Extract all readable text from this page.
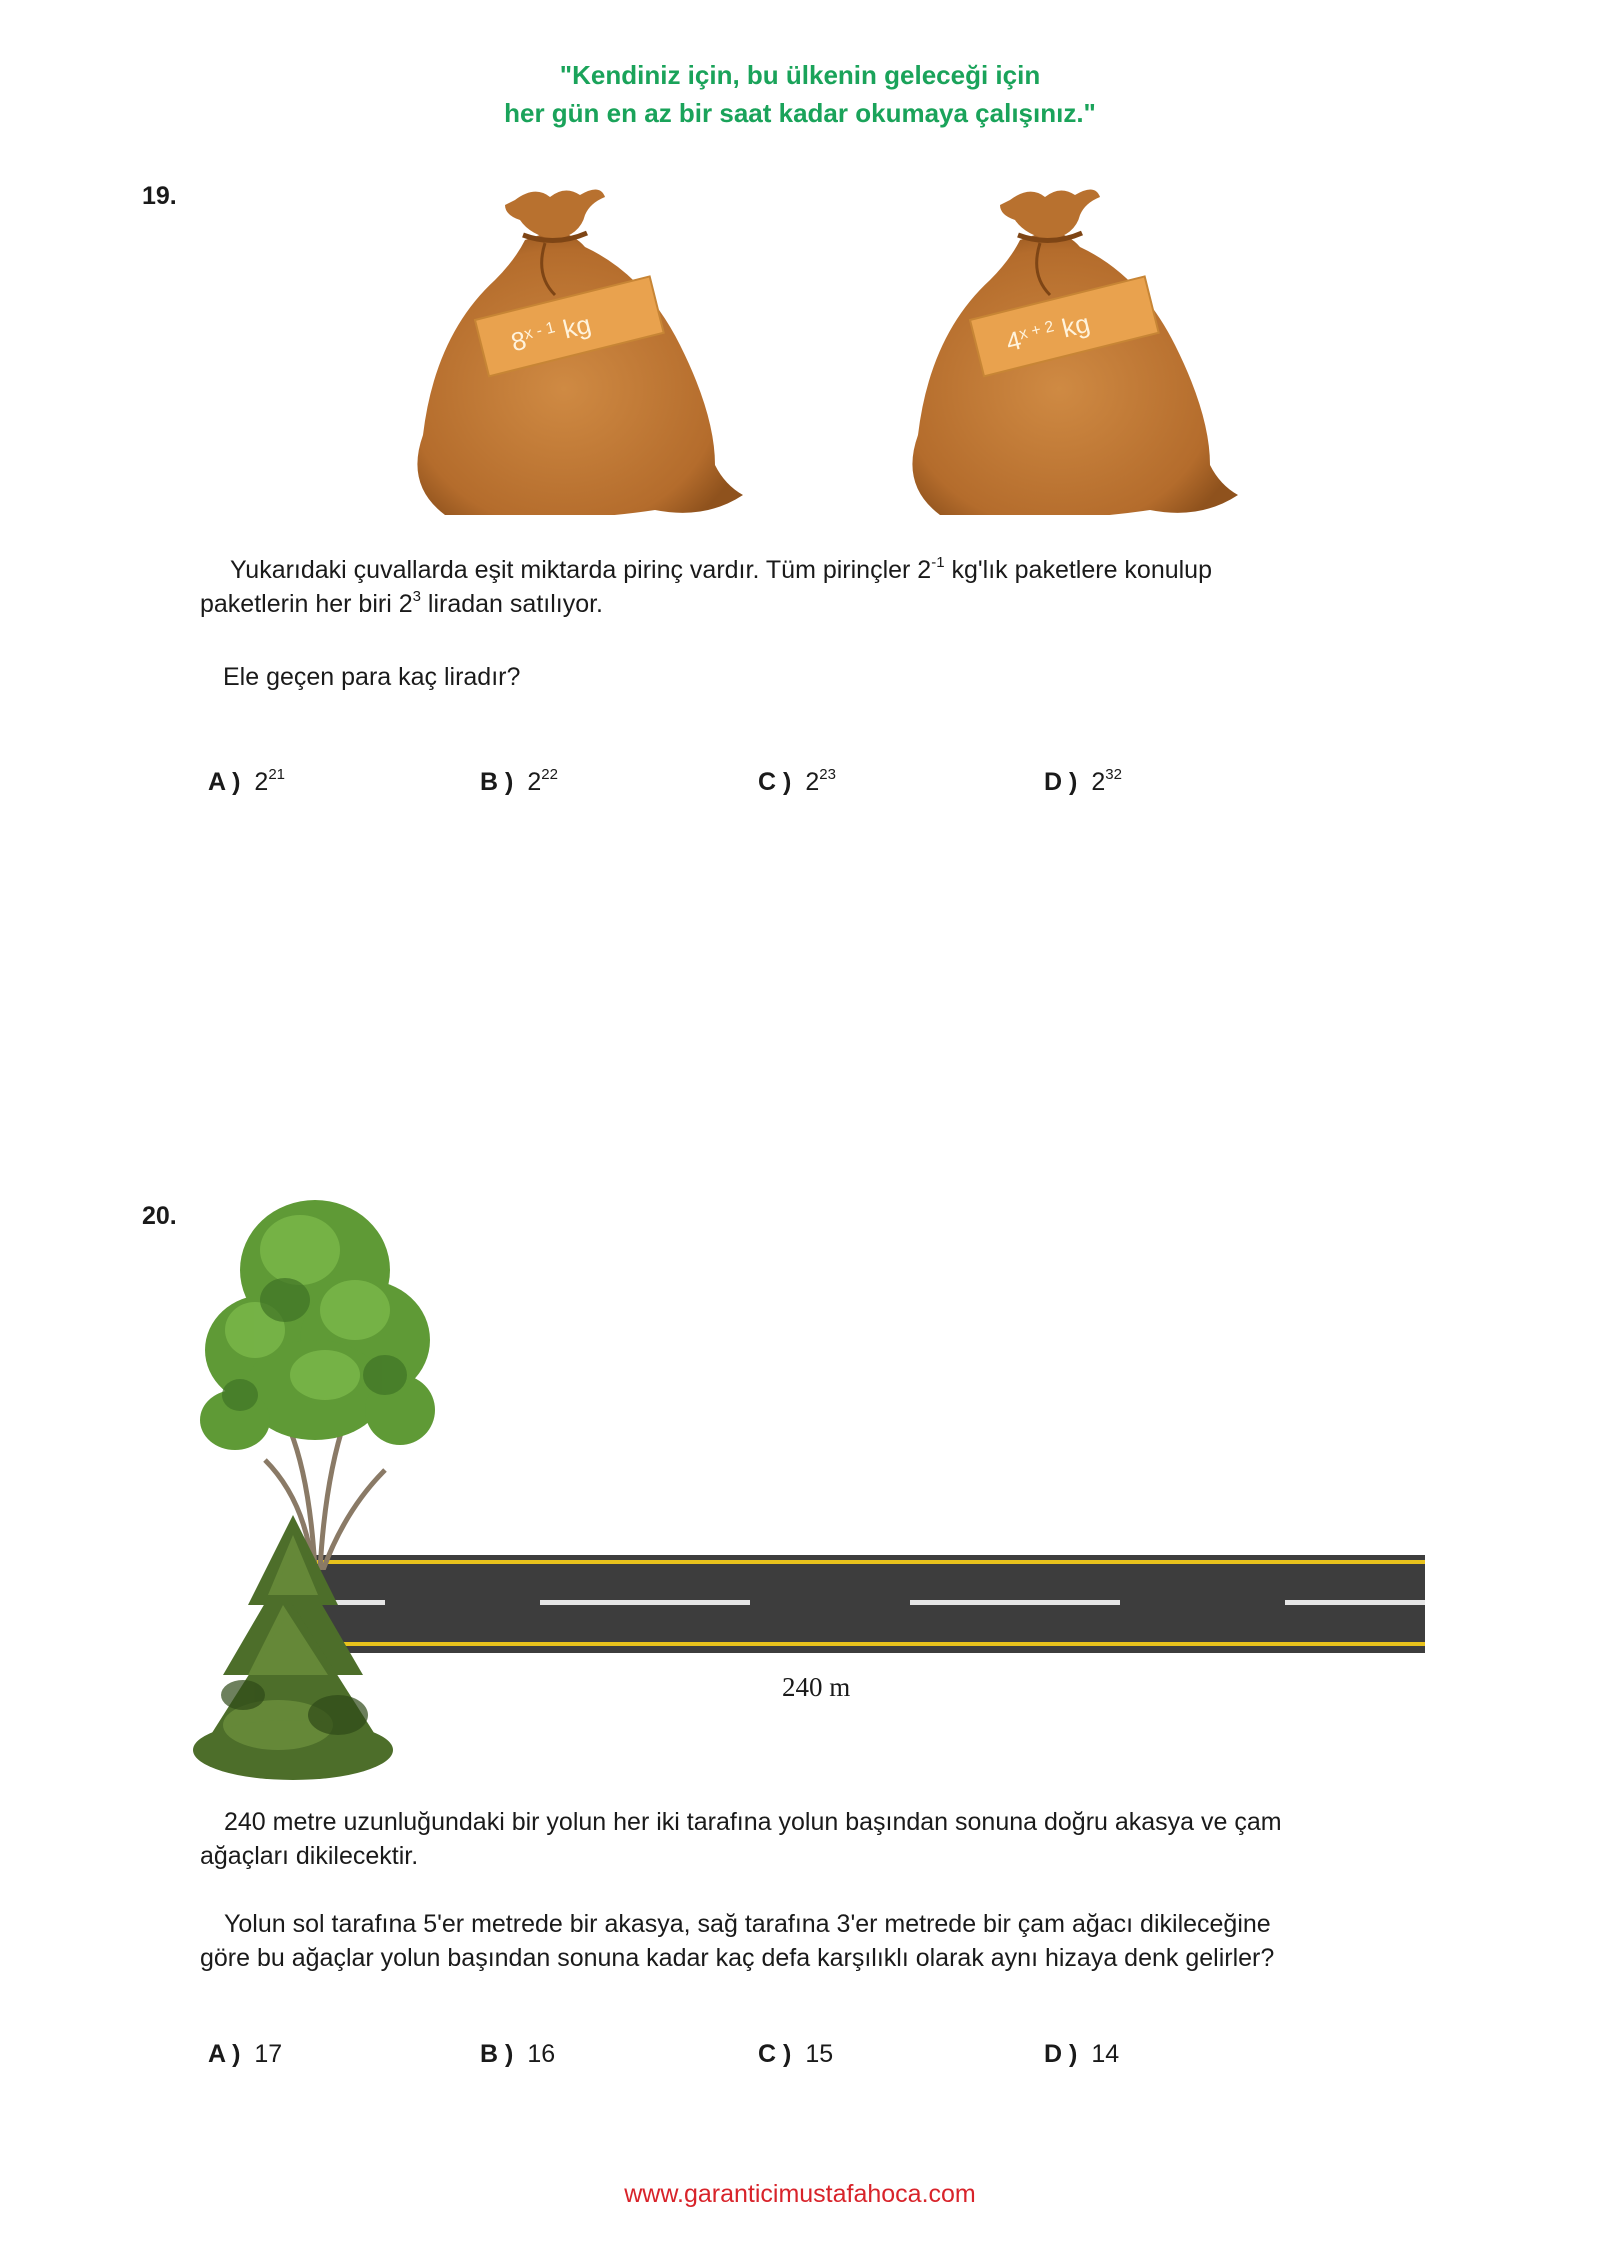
"Kendiniz için, bu ülkenin geleceği için
her gün en az bir saat kadar okumaya çalışınız."
19.
8$^{x - 1}$ kg	$4^{x + 2}$ kg
Yukarıdaki çuvallarda eşit miktarda pirinç vardır. Tüm pirinçler $2^{-1}$ kg'lık paketlere konulup
paketlerin her biri $2^3$ liradan satılıyor.
Ele geçen para kaç liradır?
A ) $2^{21}$	B ) $2^{22}$	C ) $2^{23}$	D ) $2^{32}$
20.
240 m
240 metre uzunluğundaki bir yolun her iki tarafına yolun başından sonuna doğru akasya ve çam
ağaçları dikilecektir.
Yolun sol tarafına 5'er metrede bir akasya, sağ tarafına 3'er metrede bir çam ağacı dikileceğine
göre bu ağaçlar yolun başından sonuna kadar kaç defa karşılıklı olarak aynı hizaya denk gelirler?
A ) 17	B ) 16	C ) 15	D ) 14
www.garanticimustafahoca.com
